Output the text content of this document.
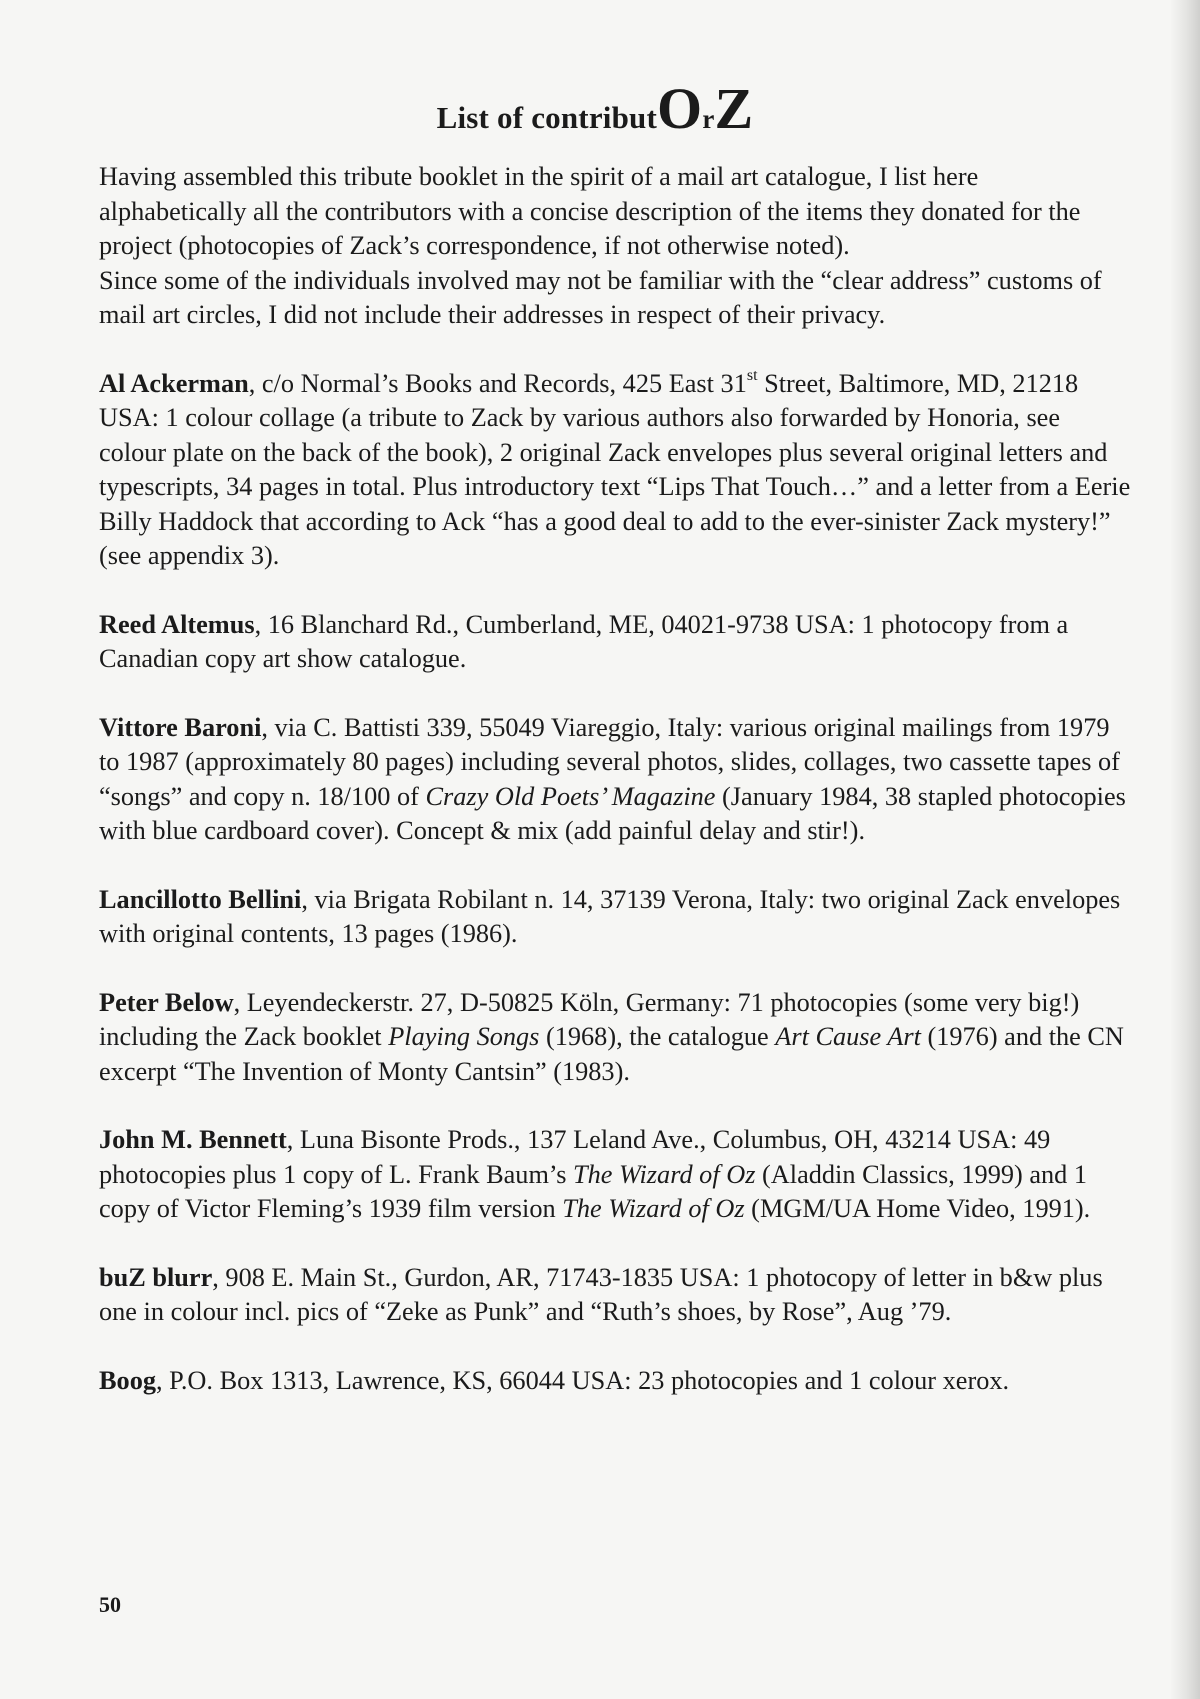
List of contributOrZ

Having assembled this tribute booklet in the spirit of a mail art catalogue, I list here alphabetically all the contributors with a concise description of the items they donated for the project (photocopies of Zack’s correspondence, if not otherwise noted).
Since some of the individuals involved may not be familiar with the “clear address” customs of mail art circles, I did not include their addresses in respect of their privacy.

Al Ackerman, c/o Normal’s Books and Records, 425 East 31st Street, Baltimore, MD, 21218 USA: 1 colour collage (a tribute to Zack by various authors also forwarded by Honoria, see colour plate on the back of the book), 2 original Zack envelopes plus several original letters and typescripts, 34 pages in total. Plus introductory text “Lips That Touch…” and a letter from a Eerie Billy Haddock that according to Ack “has a good deal to add to the ever-sinister Zack mystery!” (see appendix 3).

Reed Altemus, 16 Blanchard Rd., Cumberland, ME, 04021-9738 USA: 1 photocopy from a Canadian copy art show catalogue.

Vittore Baroni, via C. Battisti 339, 55049 Viareggio, Italy: various original mailings from 1979 to 1987 (approximately 80 pages) including several photos, slides, collages, two cassette tapes of “songs” and copy n. 18/100 of Crazy Old Poets’ Magazine (January 1984, 38 stapled photocopies with blue cardboard cover). Concept & mix (add painful delay and stir!).

Lancillotto Bellini, via Brigata Robilant n. 14, 37139 Verona, Italy: two original Zack envelopes with original contents, 13 pages (1986).

Peter Below, Leyendeckerstr. 27, D-50825 Köln, Germany: 71 photocopies (some very big!) including the Zack booklet Playing Songs (1968), the catalogue Art Cause Art (1976) and the CN excerpt “The Invention of Monty Cantsin” (1983).

John M. Bennett, Luna Bisonte Prods., 137 Leland Ave., Columbus, OH, 43214 USA: 49 photocopies plus 1 copy of L. Frank Baum’s The Wizard of Oz (Aladdin Classics, 1999) and 1 copy of Victor Fleming’s 1939 film version The Wizard of Oz (MGM/UA Home Video, 1991).

buZ blurr, 908 E. Main St., Gurdon, AR, 71743-1835 USA: 1 photocopy of letter in b&w plus one in colour incl. pics of “Zeke as Punk” and “Ruth’s shoes, by Rose”, Aug ’79.

Boog, P.O. Box 1313, Lawrence, KS, 66044 USA: 23 photocopies and 1 colour xerox.

50
